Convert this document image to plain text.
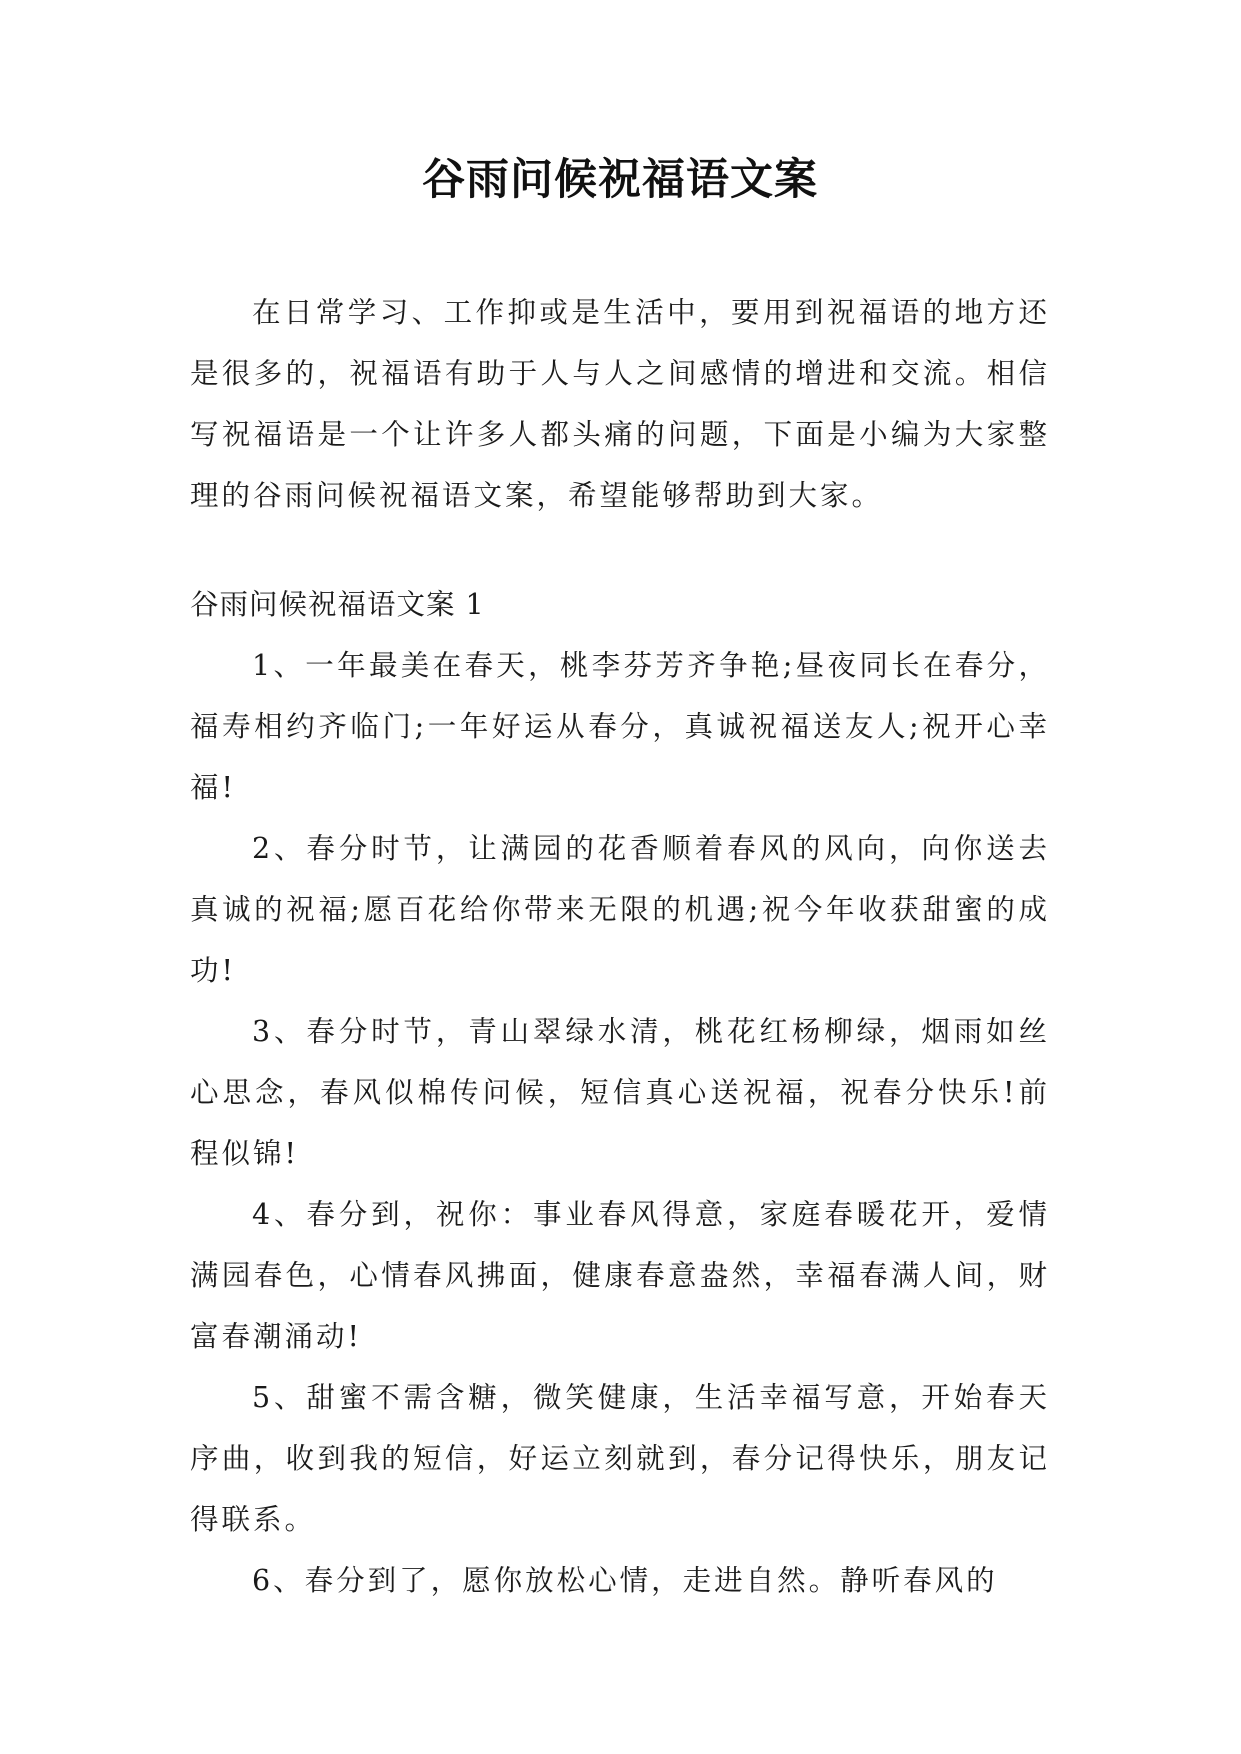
谷雨问候祝福语文案

在日常学习、工作抑或是生活中，要用到祝福语的地方还是很多的，祝福语有助于人与人之间感情的增进和交流。相信写祝福语是一个让许多人都头痛的问题，下面是小编为大家整理的谷雨问候祝福语文案，希望能够帮助到大家。

谷雨问候祝福语文案 1

1、一年最美在春天，桃李芬芳齐争艳;昼夜同长在春分，福寿相约齐临门;一年好运从春分，真诚祝福送友人;祝开心幸福!

2、春分时节，让满园的花香顺着春风的风向，向你送去真诚的祝福;愿百花给你带来无限的机遇;祝今年收获甜蜜的成功!

3、春分时节，青山翠绿水清，桃花红杨柳绿，烟雨如丝心思念，春风似棉传问候，短信真心送祝福，祝春分快乐!前程似锦!

4、春分到，祝你：事业春风得意，家庭春暖花开，爱情满园春色，心情春风拂面，健康春意盎然，幸福春满人间，财富春潮涌动!

5、甜蜜不需含糖，微笑健康，生活幸福写意，开始春天序曲，收到我的短信，好运立刻就到，春分记得快乐，朋友记得联系。

6、春分到了，愿你放松心情，走进自然。静听春风的
